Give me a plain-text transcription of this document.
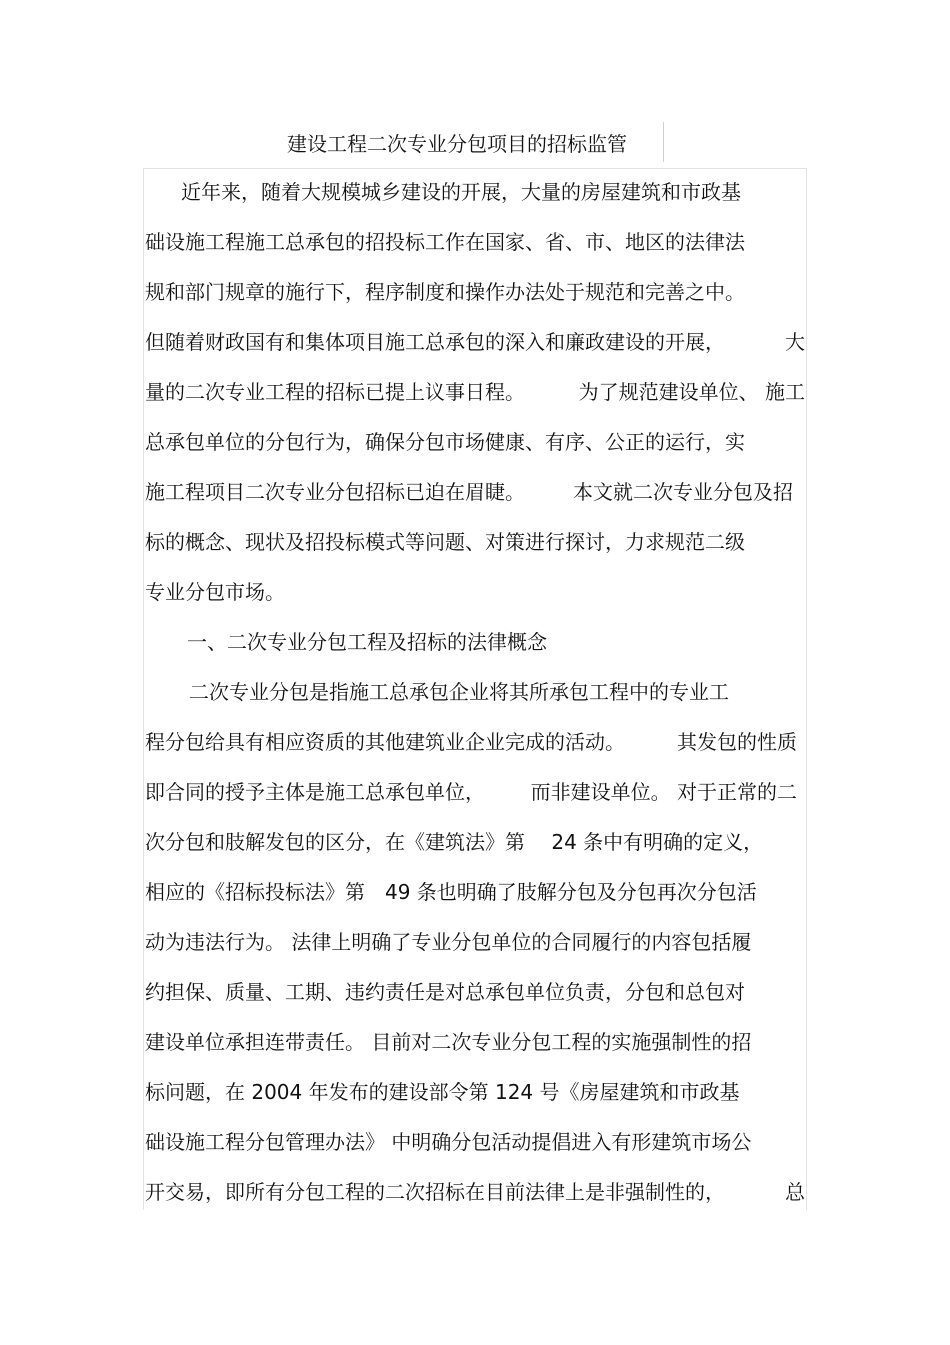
建设工程二次专业分包项目的招标监管
近年来，随着大规模城乡建设的开展，大量的房屋建筑和市政基
础设施工程施工总承包的招投标工作在国家、省、市、地区的法律法
规和部门规章的施行下，程序制度和操作办法处于规范和完善之中。
但随着财政国有和集体项目施工总承包的深入和廉政建设的开展，	大
量的二次专业工程的招标已提上议事日程。	为了规范建设单位、 施工
总承包单位的分包行为，确保分包市场健康、有序、公正的运行，实
施工程项目二次专业分包招标已迫在眉睫。 本文就二次专业分包及招
标的概念、现状及招投标模式等问题、对策进行探讨，力求规范二级
专业分包市场。
一、二次专业分包工程及招标的法律概念
二次专业分包是指施工总承包企业将其所承包工程中的专业工
程分包给具有相应资质的其他建筑业企业完成的活动。	其发包的性质
即合同的授予主体是施工总承包单位， 而非建设单位。 对于正常的二
次分包和肢解发包的区分，在《建筑法》第　 24 条中有明确的定义，
相应的《招标投标法》第　49 条也明确了肢解分包及分包再次分包活
动为违法行为。 法律上明确了专业分包单位的合同履行的内容包括履
约担保、质量、工期、违约责任是对总承包单位负责，分包和总包对
建设单位承担连带责任。 目前对二次专业分包工程的实施强制性的招
标问题，在 2004 年发布的建设部令第 124 号《房屋建筑和市政基
础设施工程分包管理办法》 中明确分包活动提倡进入有形建筑市场公
开交易，即所有分包工程的二次招标在目前法律上是非强制性的，	总
